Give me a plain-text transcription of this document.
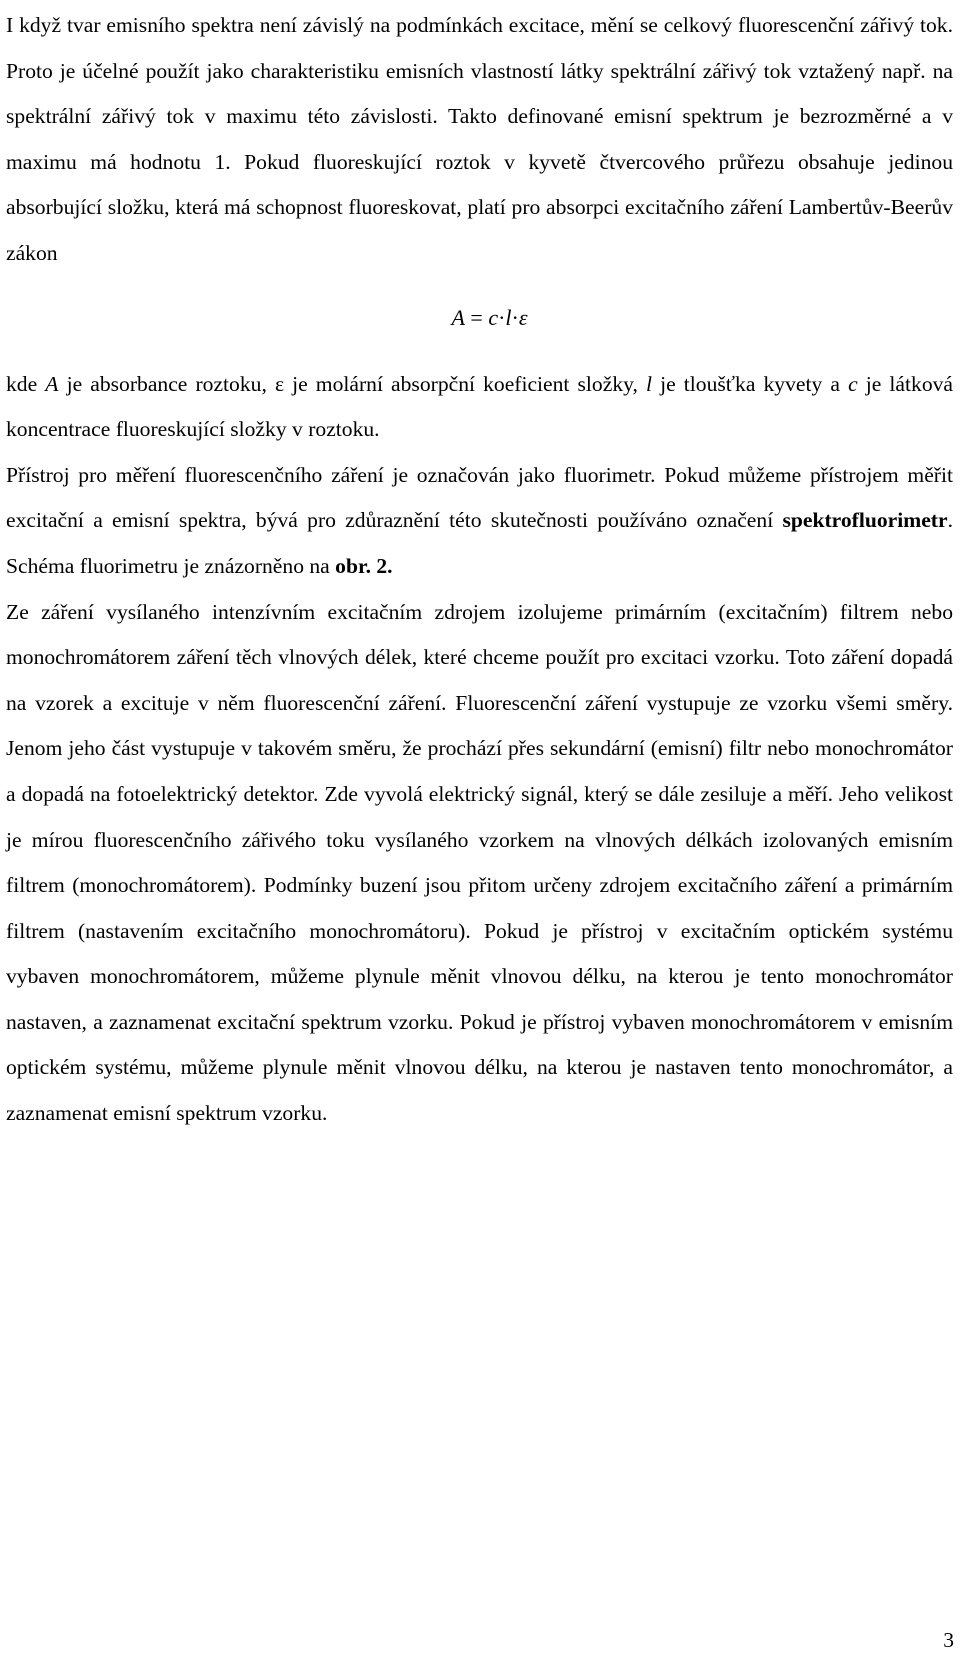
I když tvar emisního spektra není závislý na podmínkách excitace, mění se celkový fluorescenční zářivý tok. Proto je účelné použít jako charakteristiku emisních vlastností látky spektrální zářivý tok vztažený např. na spektrální zářivý tok v maximu této závislosti. Takto definované emisní spektrum je bezrozměrné a v maximu má hodnotu 1. Pokud fluoreskující roztok v kyvetě čtvercového průřezu obsahuje jedinou absorbující složku, která má schopnost fluoreskovat, platí pro absorpci excitačního záření Lambertův-Beerův zákon

A = c·l·ε

kde A je absorbance roztoku, ε je molární absorpční koeficient složky, l je tloušťka kyvety a c je látková koncentrace fluoreskující složky v roztoku.

Přístroj pro měření fluorescenčního záření je označován jako fluorimetr. Pokud můžeme přístrojem měřit excitační a emisní spektra, bývá pro zdůraznění této skutečnosti používáno označení spektrofluorimetr. Schéma fluorimetru je znázorněno na obr. 2.

Ze záření vysílaného intenzívním excitačním zdrojem izolujeme primárním (excitačním) filtrem nebo monochromátorem záření těch vlnových délek, které chceme použít pro excitaci vzorku. Toto záření dopadá na vzorek a excituje v něm fluorescenční záření. Fluorescenční záření vystupuje ze vzorku všemi směry. Jenom jeho část vystupuje v takovém směru, že prochází přes sekundární (emisní) filtr nebo monochromátor a dopadá na fotoelektrický detektor. Zde vyvolá elektrický signál, který se dále zesiluje a měří. Jeho velikost je mírou fluorescenčního zářivého toku vysílaného vzorkem na vlnových délkách izolovaných emisním filtrem (monochromátorem). Podmínky buzení jsou přitom určeny zdrojem excitačního záření a primárním filtrem (nastavením excitačního monochromátoru). Pokud je přístroj v excitačním optickém systému vybaven monochromátorem, můžeme plynule měnit vlnovou délku, na kterou je tento monochromátor nastaven, a zaznamenat excitační spektrum vzorku. Pokud je přístroj vybaven monochromátorem v emisním optickém systému, můžeme plynule měnit vlnovou délku, na kterou je nastaven tento monochromátor, a zaznamenat emisní spektrum vzorku.

3
